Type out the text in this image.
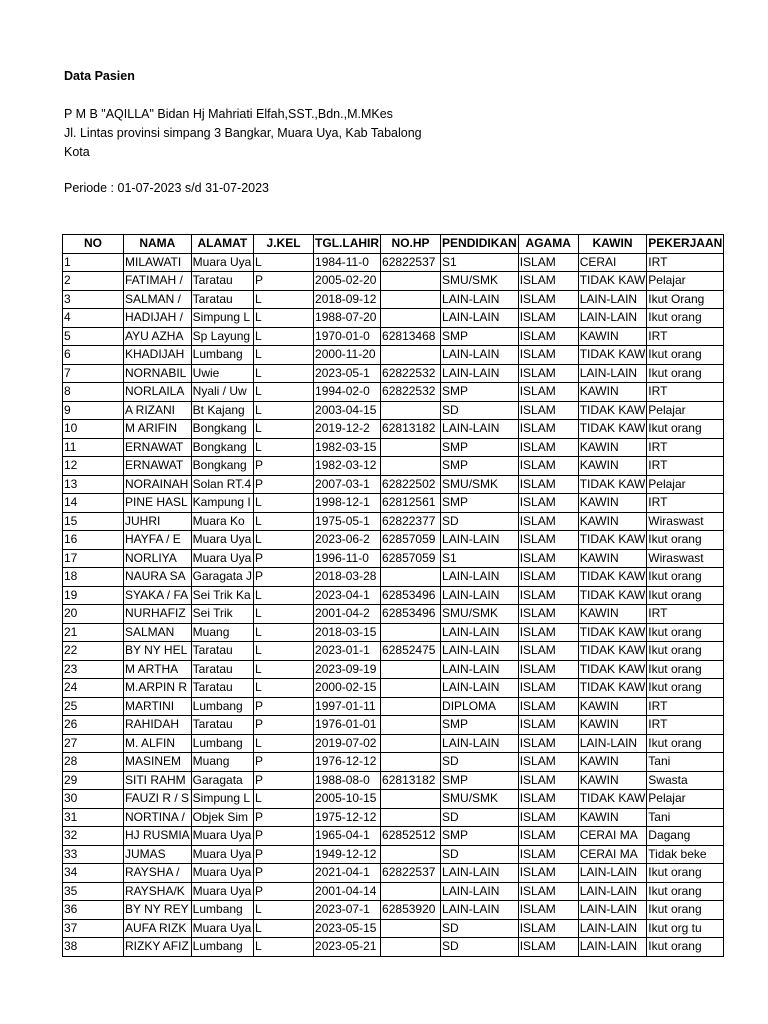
Data Pasien
P M B "AQILLA" Bidan Hj Mahriati Elfah,SST.,Bdn.,M.MKes
Jl. Lintas provinsi simpang 3 Bangkar, Muara Uya, Kab Tabalong
Kota
Periode : 01-07-2023 s/d 31-07-2023
NO	NAMA	ALAMAT	J.KEL	TGL.LAHIR	NO.HP	PENDIDIKAN	AGAMA	KAWIN	PEKERJAAN
1	MILAWATI	Muara Uya	L	1984-11-0	62822537	S1	ISLAM	CERAI	IRT
2	FATIMAH /	Taratau	P	2005-02-20		SMU/SMK	ISLAM	TIDAK KAW	Pelajar
3	SALMAN /	Taratau	L	2018-09-12		LAIN-LAIN	ISLAM	LAIN-LAIN	Ikut Orang
4	HADIJAH /	Simpung L	L	1988-07-20		LAIN-LAIN	ISLAM	LAIN-LAIN	Ikut orang
5	AYU AZHA	Sp Layung	L	1970-01-0	62813468	SMP	ISLAM	KAWIN	IRT
6	KHADIJAH	Lumbang	L	2000-11-20		LAIN-LAIN	ISLAM	TIDAK KAW	Ikut orang
7	NORNABIL	Uwie	L	2023-05-1	62822532	LAIN-LAIN	ISLAM	LAIN-LAIN	Ikut orang
8	NORLAILA	Nyali / Uw	L	1994-02-0	62822532	SMP	ISLAM	KAWIN	IRT
9	A RIZANI	Bt Kajang	L	2003-04-15		SD	ISLAM	TIDAK KAW	Pelajar
10	M ARIFIN	Bongkang	L	2019-12-2	62813182	LAIN-LAIN	ISLAM	TIDAK KAW	Ikut orang
11	ERNAWAT	Bongkang	L	1982-03-15		SMP	ISLAM	KAWIN	IRT
12	ERNAWAT	Bongkang	P	1982-03-12		SMP	ISLAM	KAWIN	IRT
13	NORAINAH	Solan RT.4	P	2007-03-1	62822502	SMU/SMK	ISLAM	TIDAK KAW	Pelajar
14	PINE HASL	Kampung I	L	1998-12-1	62812561	SMP	ISLAM	KAWIN	IRT
15	JUHRI	Muara Ko	L	1975-05-1	62822377	SD	ISLAM	KAWIN	Wiraswast
16	HAYFA / E	Muara Uya	L	2023-06-2	62857059	LAIN-LAIN	ISLAM	TIDAK KAW	Ikut orang
17	NORLIYA	Muara Uya	P	1996-11-0	62857059	S1	ISLAM	KAWIN	Wiraswast
18	NAURA SA	Garagata J	P	2018-03-28		LAIN-LAIN	ISLAM	TIDAK KAW	Ikut orang
19	SYAKA / FA	Sei Trik Ka	L	2023-04-1	62853496	LAIN-LAIN	ISLAM	TIDAK KAW	Ikut orang
20	NURHAFIZ	Sei Trik	L	2001-04-2	62853496	SMU/SMK	ISLAM	KAWIN	IRT
21	SALMAN	Muang	L	2018-03-15		LAIN-LAIN	ISLAM	TIDAK KAW	Ikut orang
22	BY NY HEL	Taratau	L	2023-01-1	62852475	LAIN-LAIN	ISLAM	TIDAK KAW	Ikut orang
23	M ARTHA	Taratau	L	2023-09-19		LAIN-LAIN	ISLAM	TIDAK KAW	Ikut orang
24	M.ARPIN R	Taratau	L	2000-02-15		LAIN-LAIN	ISLAM	TIDAK KAW	Ikut orang
25	MARTINI	Lumbang	P	1997-01-11		DIPLOMA	ISLAM	KAWIN	IRT
26	RAHIDAH	Taratau	P	1976-01-01		SMP	ISLAM	KAWIN	IRT
27	M. ALFIN	Lumbang	L	2019-07-02		LAIN-LAIN	ISLAM	LAIN-LAIN	Ikut orang
28	MASINEM	Muang	P	1976-12-12		SD	ISLAM	KAWIN	Tani
29	SITI RAHM	Garagata	P	1988-08-0	62813182	SMP	ISLAM	KAWIN	Swasta
30	FAUZI R / S	Simpung L	L	2005-10-15		SMU/SMK	ISLAM	TIDAK KAW	Pelajar
31	NORTINA /	Objek Sim	P	1975-12-12		SD	ISLAM	KAWIN	Tani
32	HJ RUSMIA	Muara Uya	P	1965-04-1	62852512	SMP	ISLAM	CERAI MA	Dagang
33	JUMAS	Muara Uya	P	1949-12-12		SD	ISLAM	CERAI MA	Tidak beke
34	RAYSHA /	Muara Uya	P	2021-04-1	62822537	LAIN-LAIN	ISLAM	LAIN-LAIN	Ikut orang
35	RAYSHA/K	Muara Uya	P	2001-04-14		LAIN-LAIN	ISLAM	LAIN-LAIN	Ikut orang
36	BY NY REY	Lumbang	L	2023-07-1	62853920	LAIN-LAIN	ISLAM	LAIN-LAIN	Ikut orang
37	AUFA RIZK	Muara Uya	L	2023-05-15		SD	ISLAM	LAIN-LAIN	Ikut org tu
38	RIZKY AFIZ	Lumbang	L	2023-05-21		SD	ISLAM	LAIN-LAIN	Ikut orang
